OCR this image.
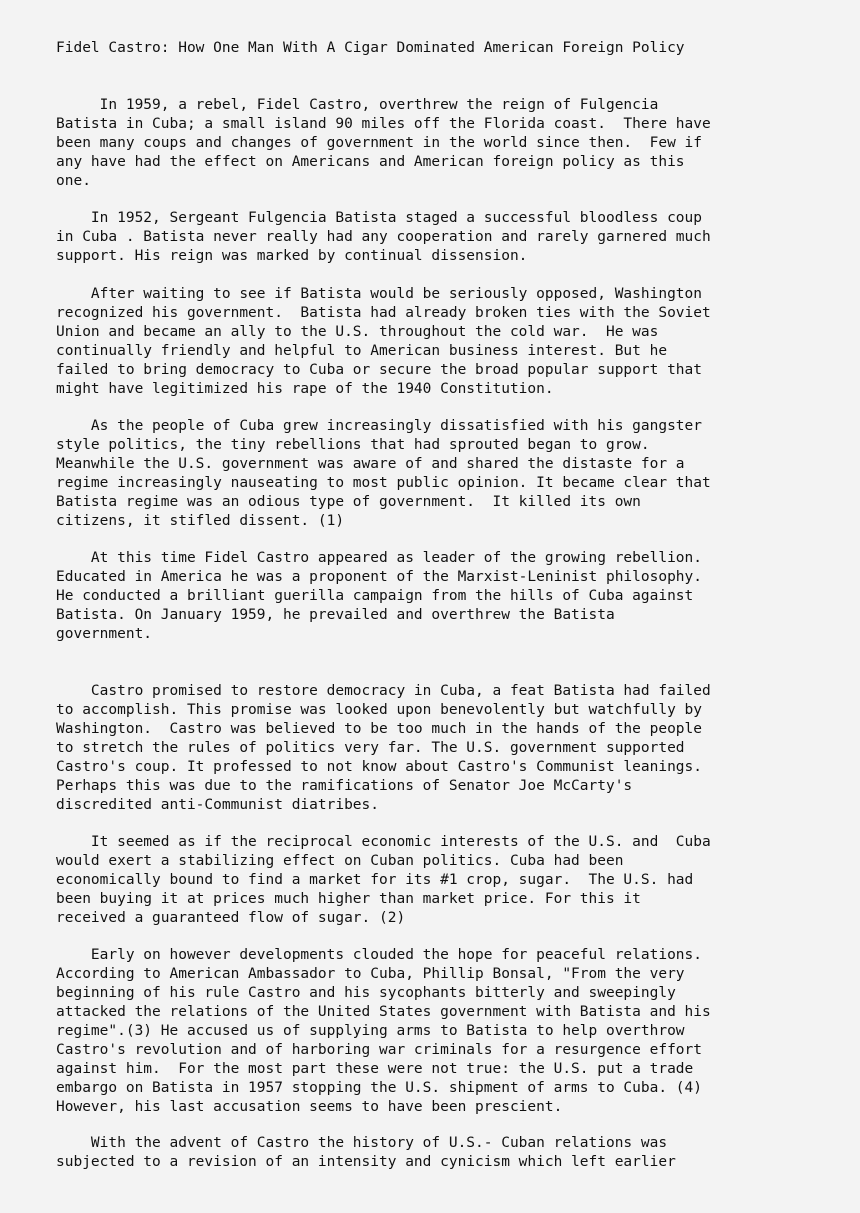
Fidel Castro: How One Man With A Cigar Dominated American Foreign Policy

In 1959, a rebel, Fidel Castro, overthrew the reign of Fulgencia
Batista in Cuba; a small island 90 miles off the Florida coast.  There have
been many coups and changes of government in the world since then.  Few if
any have had the effect on Americans and American foreign policy as this
one.

In 1952, Sergeant Fulgencia Batista staged a successful bloodless coup
in Cuba . Batista never really had any cooperation and rarely garnered much
support. His reign was marked by continual dissension.

After waiting to see if Batista would be seriously opposed, Washington
recognized his government.  Batista had already broken ties with the Soviet
Union and became an ally to the U.S. throughout the cold war.  He was
continually friendly and helpful to American business interest. But he
failed to bring democracy to Cuba or secure the broad popular support that
might have legitimized his rape of the 1940 Constitution.

As the people of Cuba grew increasingly dissatisfied with his gangster
style politics, the tiny rebellions that had sprouted began to grow.
Meanwhile the U.S. government was aware of and shared the distaste for a
regime increasingly nauseating to most public opinion. It became clear that
Batista regime was an odious type of government.  It killed its own
citizens, it stifled dissent. (1)

At this time Fidel Castro appeared as leader of the growing rebellion.
Educated in America he was a proponent of the Marxist-Leninist philosophy.
He conducted a brilliant guerilla campaign from the hills of Cuba against
Batista. On January 1959, he prevailed and overthrew the Batista
government.

Castro promised to restore democracy in Cuba, a feat Batista had failed
to accomplish. This promise was looked upon benevolently but watchfully by
Washington.  Castro was believed to be too much in the hands of the people
to stretch the rules of politics very far. The U.S. government supported
Castro's coup. It professed to not know about Castro's Communist leanings.
Perhaps this was due to the ramifications of Senator Joe McCarty's
discredited anti-Communist diatribes.

It seemed as if the reciprocal economic interests of the U.S. and  Cuba
would exert a stabilizing effect on Cuban politics. Cuba had been
economically bound to find a market for its #1 crop, sugar.  The U.S. had
been buying it at prices much higher than market price. For this it
received a guaranteed flow of sugar. (2)

Early on however developments clouded the hope for peaceful relations.
According to American Ambassador to Cuba, Phillip Bonsal, "From the very
beginning of his rule Castro and his sycophants bitterly and sweepingly
attacked the relations of the United States government with Batista and his
regime".(3) He accused us of supplying arms to Batista to help overthrow
Castro's revolution and of harboring war criminals for a resurgence effort
against him.  For the most part these were not true: the U.S. put a trade
embargo on Batista in 1957 stopping the U.S. shipment of arms to Cuba. (4)
However, his last accusation seems to have been prescient.

With the advent of Castro the history of U.S.- Cuban relations was
subjected to a revision of an intensity and cynicism which left earlier
